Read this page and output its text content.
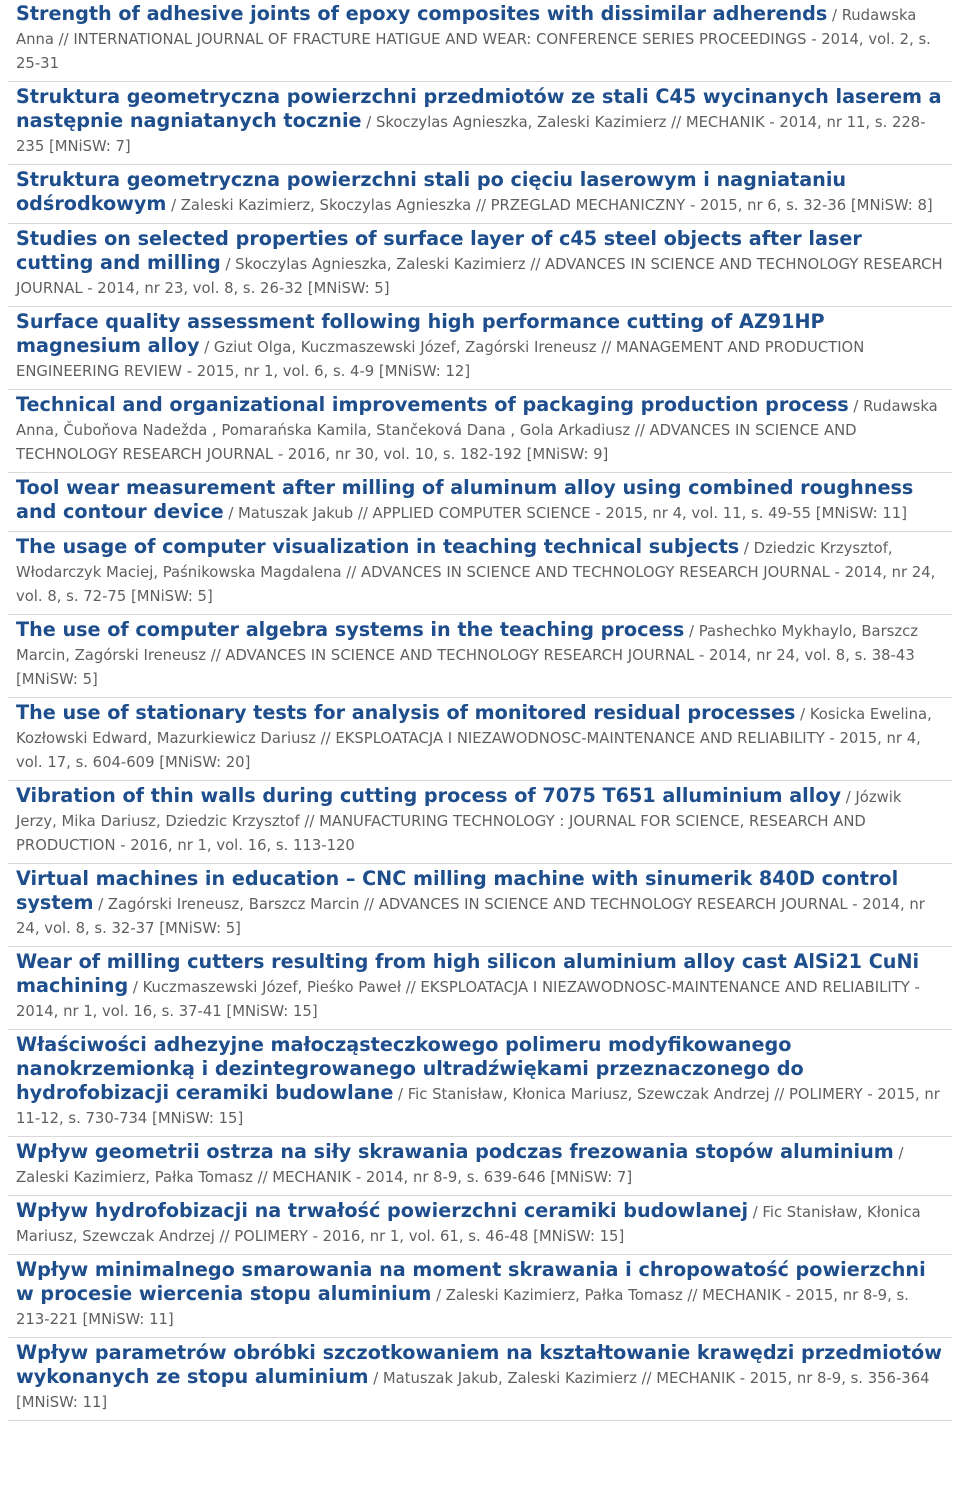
Strength of adhesive joints of epoxy composites with dissimilar adherends / Rudawska Anna // INTERNATIONAL JOURNAL OF FRACTURE HATIGUE AND WEAR: CONFERENCE SERIES PROCEEDINGS - 2014, vol. 2, s. 25-31

Struktura geometryczna powierzchni przedmiotów ze stali C45 wycinanych laserem a następnie nagniatanych tocznie / Skoczylas Agnieszka, Zaleski Kazimierz // MECHANIK - 2014, nr 11, s. 228-235 [MNiSW: 7]

Struktura geometryczna powierzchni stali po cięciu laserowym i nagniataniu odśrodkowym / Zaleski Kazimierz, Skoczylas Agnieszka // PRZEGLAD MECHANICZNY - 2015, nr 6, s. 32-36 [MNiSW: 8]

Studies on selected properties of surface layer of c45 steel objects after laser cutting and milling / Skoczylas Agnieszka, Zaleski Kazimierz // ADVANCES IN SCIENCE AND TECHNOLOGY RESEARCH JOURNAL - 2014, nr 23, vol. 8, s. 26-32 [MNiSW: 5]

Surface quality assessment following high performance cutting of AZ91HP magnesium alloy / Gziut Olga, Kuczmaszewski Józef, Zagórski Ireneusz // MANAGEMENT AND PRODUCTION ENGINEERING REVIEW - 2015, nr 1, vol. 6, s. 4-9 [MNiSW: 12]

Technical and organizational improvements of packaging production process / Rudawska Anna, Čuboňova Nadežda , Pomarańska Kamila, Stančeková Dana , Gola Arkadiusz // ADVANCES IN SCIENCE AND TECHNOLOGY RESEARCH JOURNAL - 2016, nr 30, vol. 10, s. 182-192 [MNiSW: 9]

Tool wear measurement after milling of aluminum alloy using combined roughness and contour device / Matuszak Jakub // APPLIED COMPUTER SCIENCE - 2015, nr 4, vol. 11, s. 49-55 [MNiSW: 11]

The usage of computer visualization in teaching technical subjects / Dziedzic Krzysztof, Włodarczyk Maciej, Paśnikowska Magdalena // ADVANCES IN SCIENCE AND TECHNOLOGY RESEARCH JOURNAL - 2014, nr 24, vol. 8, s. 72-75 [MNiSW: 5]

The use of computer algebra systems in the teaching process / Pashechko Mykhaylo, Barszcz Marcin, Zagórski Ireneusz // ADVANCES IN SCIENCE AND TECHNOLOGY RESEARCH JOURNAL - 2014, nr 24, vol. 8, s. 38-43 [MNiSW: 5]

The use of stationary tests for analysis of monitored residual processes / Kosicka Ewelina, Kozłowski Edward, Mazurkiewicz Dariusz // EKSPLOATACJA I NIEZAWODNOSC-MAINTENANCE AND RELIABILITY - 2015, nr 4, vol. 17, s. 604-609 [MNiSW: 20]

Vibration of thin walls during cutting process of 7075 T651 alluminium alloy / Józwik Jerzy, Mika Dariusz, Dziedzic Krzysztof // MANUFACTURING TECHNOLOGY : JOURNAL FOR SCIENCE, RESEARCH AND PRODUCTION - 2016, nr 1, vol. 16, s. 113-120

Virtual machines in education – CNC milling machine with sinumerik 840D control system / Zagórski Ireneusz, Barszcz Marcin // ADVANCES IN SCIENCE AND TECHNOLOGY RESEARCH JOURNAL - 2014, nr 24, vol. 8, s. 32-37 [MNiSW: 5]

Wear of milling cutters resulting from high silicon aluminium alloy cast AlSi21 CuNi machining / Kuczmaszewski Józef, Pieśko Paweł // EKSPLOATACJA I NIEZAWODNOSC-MAINTENANCE AND RELIABILITY - 2014, nr 1, vol. 16, s. 37-41 [MNiSW: 15]

Właściwości adhezyjne małocząsteczkowego polimeru modyfikowanego nanokrzemionką i dezintegrowanego ultradźwiękami przeznaczonego do hydrofobizacji ceramiki budowlane / Fic Stanisław, Kłonica Mariusz, Szewczak Andrzej // POLIMERY - 2015, nr 11-12, s. 730-734 [MNiSW: 15]

Wpływ geometrii ostrza na siły skrawania podczas frezowania stopów aluminium / Zaleski Kazimierz, Pałka Tomasz // MECHANIK - 2014, nr 8-9, s. 639-646 [MNiSW: 7]

Wpływ hydrofobizacji na trwałość powierzchni ceramiki budowlanej / Fic Stanisław, Kłonica Mariusz, Szewczak Andrzej // POLIMERY - 2016, nr 1, vol. 61, s. 46-48 [MNiSW: 15]

Wpływ minimalnego smarowania na moment skrawania i chropowatość powierzchni w procesie wiercenia stopu aluminium / Zaleski Kazimierz, Pałka Tomasz // MECHANIK - 2015, nr 8-9, s. 213-221 [MNiSW: 11]

Wpływ parametrów obróbki szczotkowaniem na kształtowanie krawędzi przedmiotów wykonanych ze stopu aluminium / Matuszak Jakub, Zaleski Kazimierz // MECHANIK - 2015, nr 8-9, s. 356-364 [MNiSW: 11]
